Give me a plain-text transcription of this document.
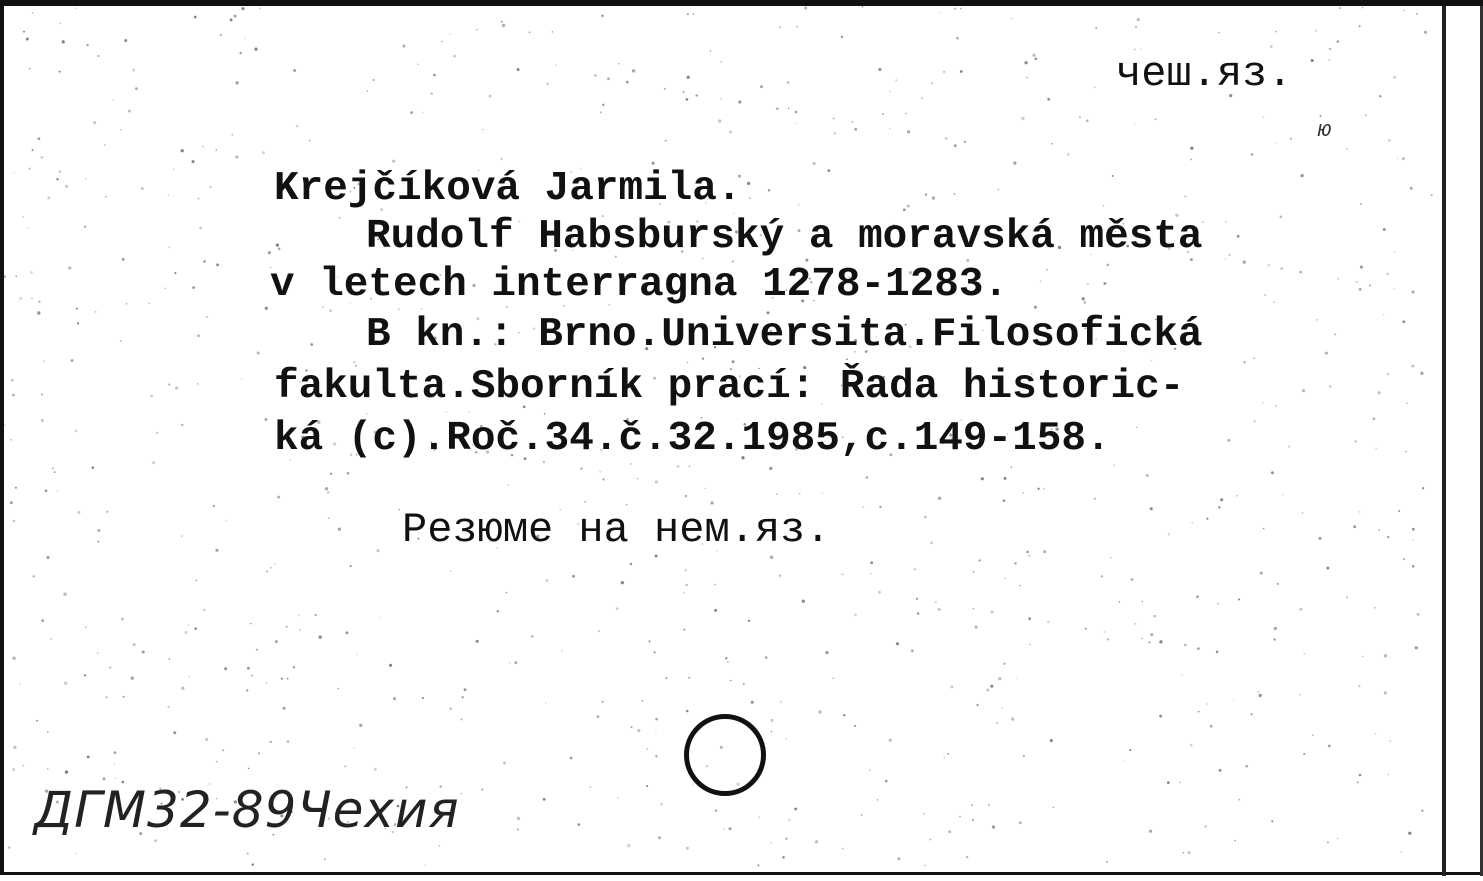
чеш.яз.
ю
Krejčíková Jarmila.
Rudolf Habsburský a moravská města
v letech interragna 1278-1283.
B kn.: Brno.Universita.Filosofická
fakulta.Sborník prací: Řada historic-
ká (c).Roč.34.č.32.1985,c.149-158.
Резюме на нем.яз.
ДГМ32-89Чехия
